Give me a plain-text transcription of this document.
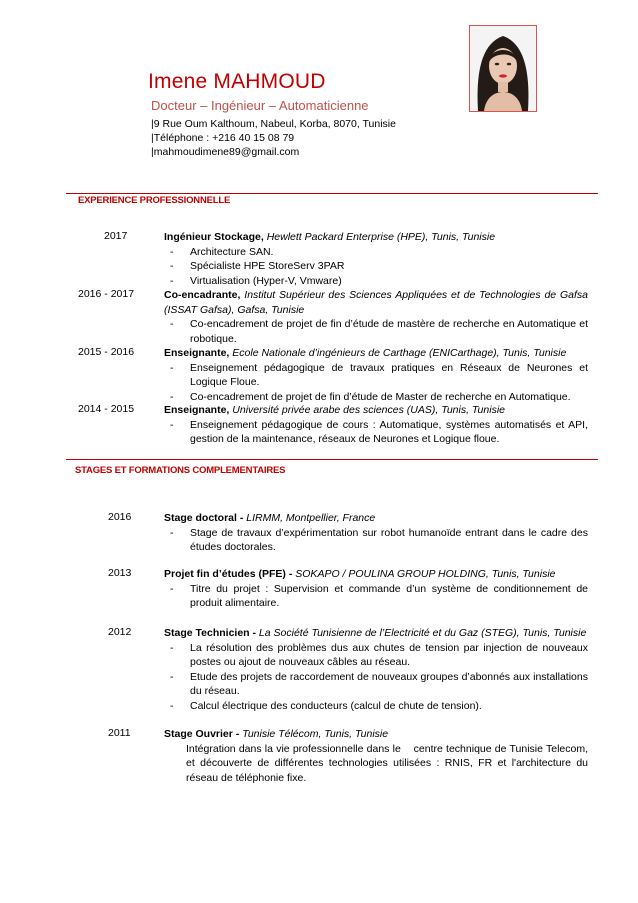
Imene MAHMOUD
Docteur – Ingénieur – Automaticienne
|9 Rue Oum Kalthoum, Nabeul, Korba, 8070, Tunisie
|Téléphone : +216 40 15 08 79
|mahmoudimene89@gmail.com
EXPERIENCE PROFESSIONNELLE
2017	Ingénieur Stockage, Hewlett Packard Enterprise (HPE), Tunis, Tunisie
- Architecture SAN.
- Spécialiste HPE StoreServ 3PAR
- Virtualisation (Hyper-V, Vmware)
2016 - 2017	Co-encadrante, Institut Supérieur des Sciences Appliquées et de Technologies de Gafsa (ISSAT Gafsa), Gafsa, Tunisie
- Co-encadrement de projet de fin d’étude de mastère de recherche en Automatique et robotique.
2015 - 2016	Enseignante, Ecole Nationale d’ingénieurs de Carthage (ENICarthage), Tunis, Tunisie
- Enseignement pédagogique de travaux pratiques en Réseaux de Neurones et Logique Floue.
- Co-encadrement de projet de fin d’étude de Master de recherche en Automatique.
2014 - 2015	Enseignante, Université privée arabe des sciences (UAS), Tunis, Tunisie
- Enseignement pédagogique de cours : Automatique, systèmes automatisés et API, gestion de la maintenance, réseaux de Neurones et Logique floue.
STAGES ET FORMATIONS COMPLEMENTAIRES
2016	Stage doctoral - LIRMM, Montpellier, France
- Stage de travaux d’expérimentation sur robot humanoïde entrant dans le cadre des études doctorales.
2013	Projet fin d’études (PFE) - SOKAPO / POULINA GROUP HOLDING, Tunis, Tunisie
- Titre du projet : Supervision et commande d’un système de conditionnement de produit alimentaire.
2012	Stage Technicien - La Société Tunisienne de l’Electricité et du Gaz (STEG), Tunis, Tunisie
- La résolution des problèmes dus aux chutes de tension par injection de nouveaux postes ou ajout de nouveaux câbles au réseau.
- Etude des projets de raccordement de nouveaux groupes d’abonnés aux installations du réseau.
- Calcul électrique des conducteurs (calcul de chute de tension).
2011	Stage Ouvrier - Tunisie Télécom, Tunis, Tunisie
Intégration dans la vie professionnelle dans le    centre technique de Tunisie Telecom, et découverte de différentes technologies utilisées : RNIS, FR et l'architecture du réseau de téléphonie fixe.
